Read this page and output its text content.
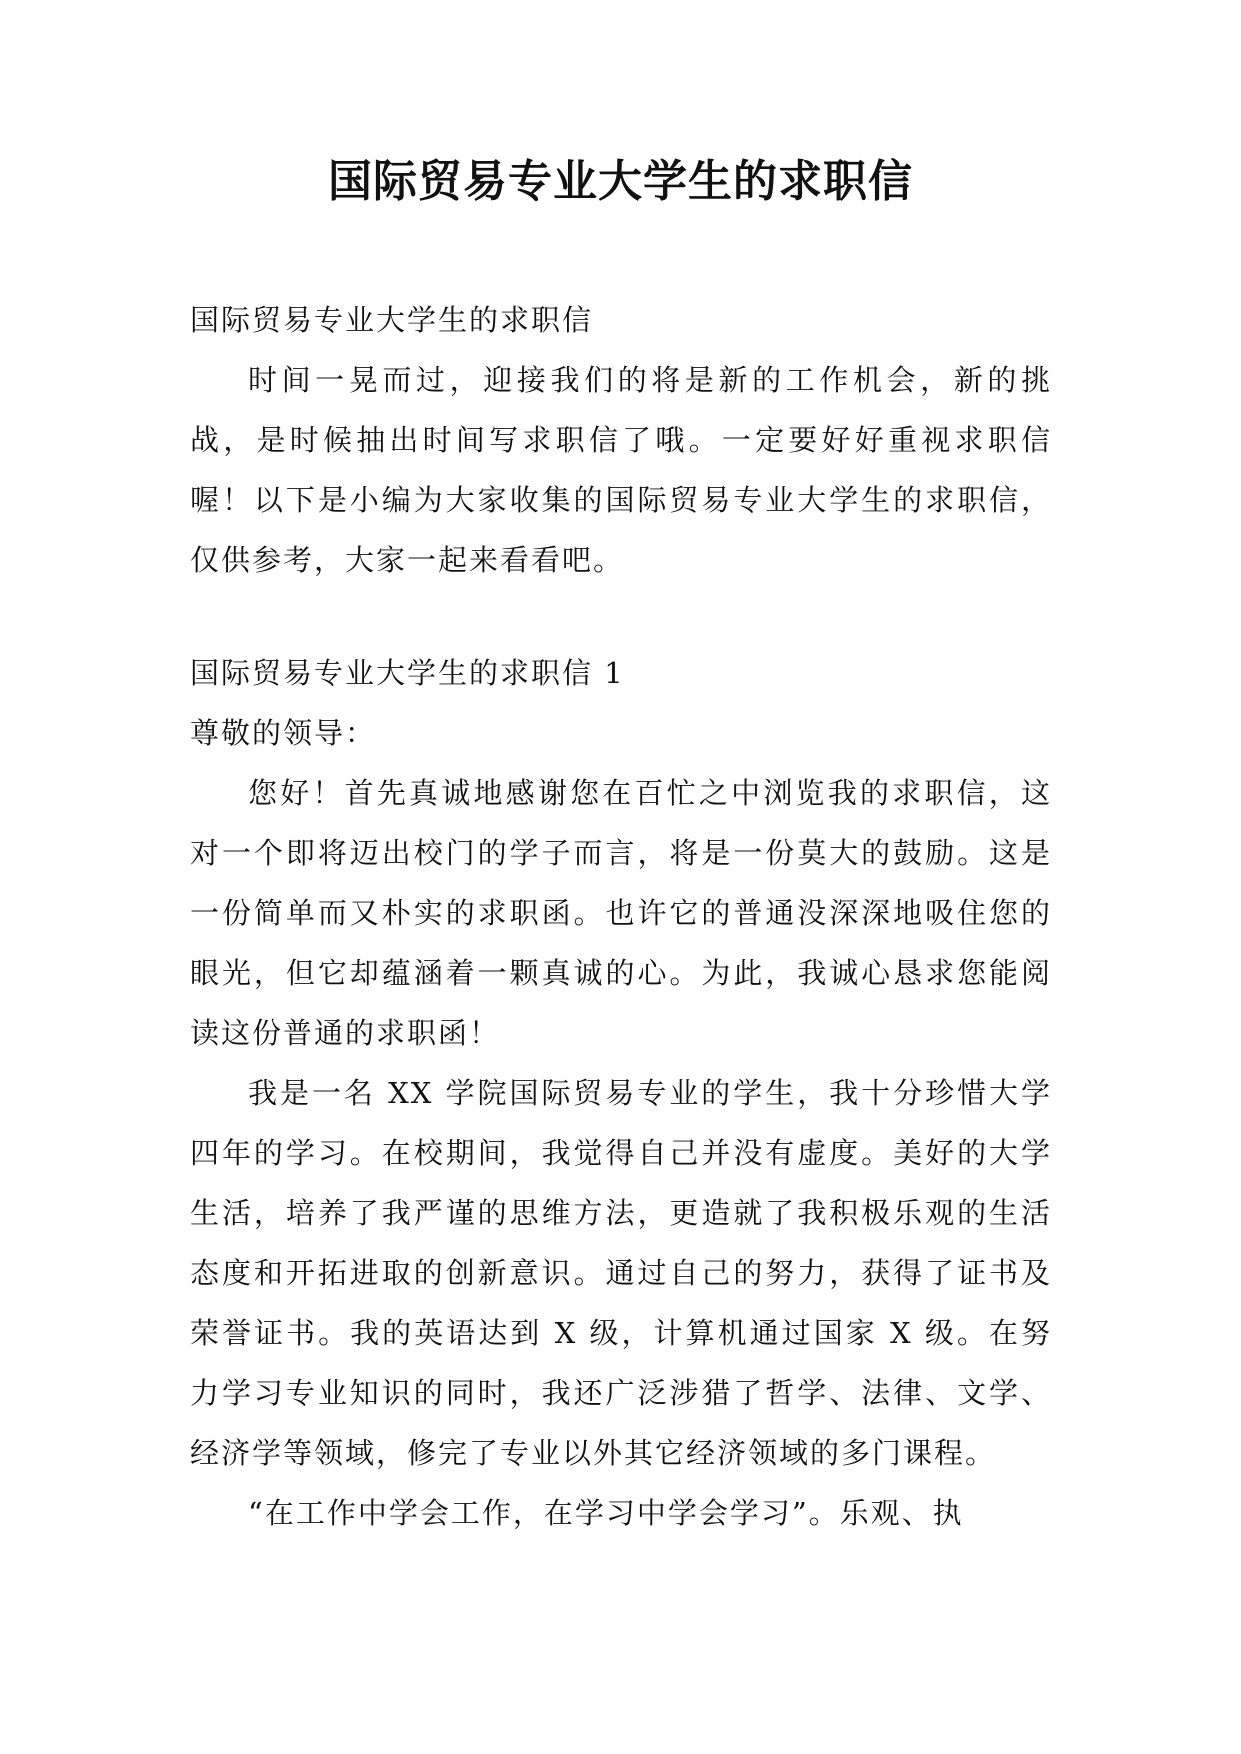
国际贸易专业大学生的求职信

国际贸易专业大学生的求职信

时间一晃而过，迎接我们的将是新的工作机会，新的挑战，是时候抽出时间写求职信了哦。一定要好好重视求职信喔！以下是小编为大家收集的国际贸易专业大学生的求职信，仅供参考，大家一起来看看吧。

国际贸易专业大学生的求职信 1

尊敬的领导：

您好！首先真诚地感谢您在百忙之中浏览我的求职信，这对一个即将迈出校门的学子而言，将是一份莫大的鼓励。这是一份简单而又朴实的求职函。也许它的普通没深深地吸住您的眼光，但它却蕴涵着一颗真诚的心。为此，我诚心恳求您能阅读这份普通的求职函！

我是一名 XX 学院国际贸易专业的学生，我十分珍惜大学四年的学习。在校期间，我觉得自己并没有虚度。美好的大学生活，培养了我严谨的思维方法，更造就了我积极乐观的生活态度和开拓进取的创新意识。通过自己的努力，获得了证书及荣誉证书。我的英语达到 X 级，计算机通过国家 X 级。在努力学习专业知识的同时，我还广泛涉猎了哲学、法律、文学、经济学等领域，修完了专业以外其它经济领域的多门课程。

“在工作中学会工作，在学习中学会学习”。乐观、执
